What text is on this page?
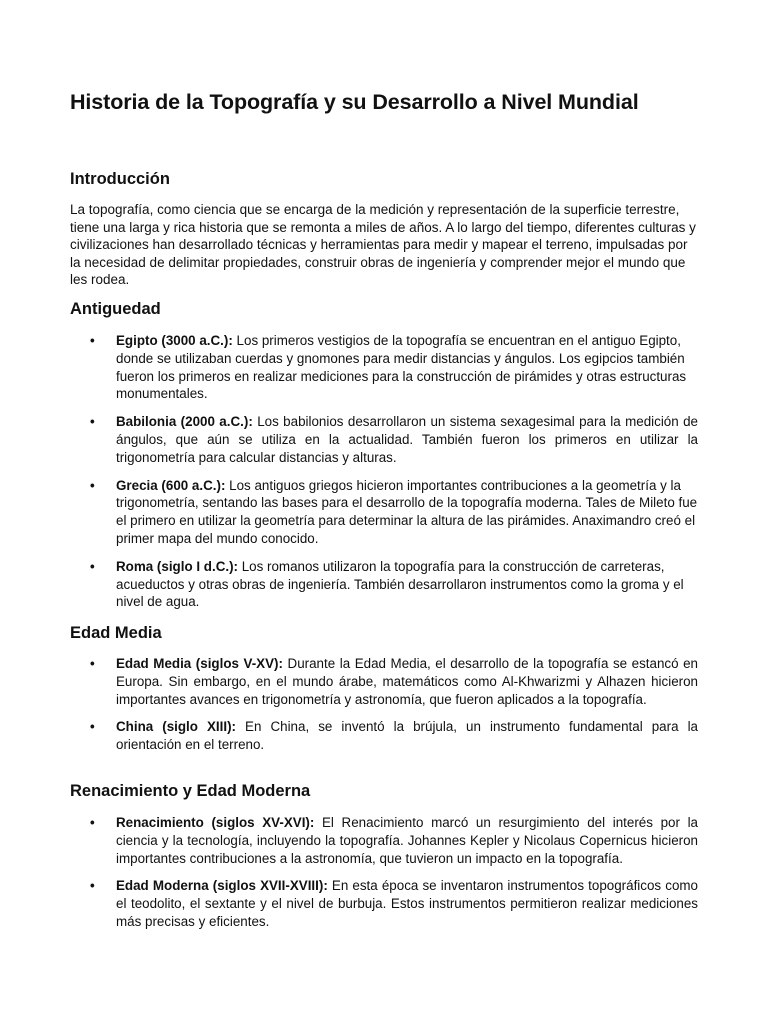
Historia de la Topografía y su Desarrollo a Nivel Mundial
Introducción

La topografía, como ciencia que se encarga de la medición y representación de la superficie terrestre, tiene una larga y rica historia que se remonta a miles de años. A lo largo del tiempo, diferentes culturas y civilizaciones han desarrollado técnicas y herramientas para medir y mapear el terreno, impulsadas por la necesidad de delimitar propiedades, construir obras de ingeniería y comprender mejor el mundo que les rodea.

Antiguedad
• Egipto (3000 a.C.): Los primeros vestigios de la topografía se encuentran en el antiguo Egipto, donde se utilizaban cuerdas y gnomones para medir distancias y ángulos. Los egipcios también fueron los primeros en realizar mediciones para la construcción de pirámides y otras estructuras monumentales.
• Babilonia (2000 a.C.): Los babilonios desarrollaron un sistema sexagesimal para la medición de ángulos, que aún se utiliza en la actualidad. También fueron los primeros en utilizar la trigonometría para calcular distancias y alturas.
• Grecia (600 a.C.): Los antiguos griegos hicieron importantes contribuciones a la geometría y la trigonometría, sentando las bases para el desarrollo de la topografía moderna. Tales de Mileto fue el primero en utilizar la geometría para determinar la altura de las pirámides. Anaximandro creó el primer mapa del mundo conocido.
• Roma (siglo I d.C.): Los romanos utilizaron la topografía para la construcción de carreteras, acueductos y otras obras de ingeniería. También desarrollaron instrumentos como la groma y el nivel de agua.
Edad Media
• Edad Media (siglos V-XV): Durante la Edad Media, el desarrollo de la topografía se estancó en Europa. Sin embargo, en el mundo árabe, matemáticos como Al-Khwarizmi y Alhazen hicieron importantes avances en trigonometría y astronomía, que fueron aplicados a la topografía.
• China (siglo XIII): En China, se inventó la brújula, un instrumento fundamental para la orientación en el terreno.
Renacimiento y Edad Moderna
• Renacimiento (siglos XV-XVI): El Renacimiento marcó un resurgimiento del interés por la ciencia y la tecnología, incluyendo la topografía. Johannes Kepler y Nicolaus Copernicus hicieron importantes contribuciones a la astronomía, que tuvieron un impacto en la topografía.
• Edad Moderna (siglos XVII-XVIII): En esta época se inventaron instrumentos topográficos como el teodolito, el sextante y el nivel de burbuja. Estos instrumentos permitieron realizar mediciones más precisas y eficientes.
